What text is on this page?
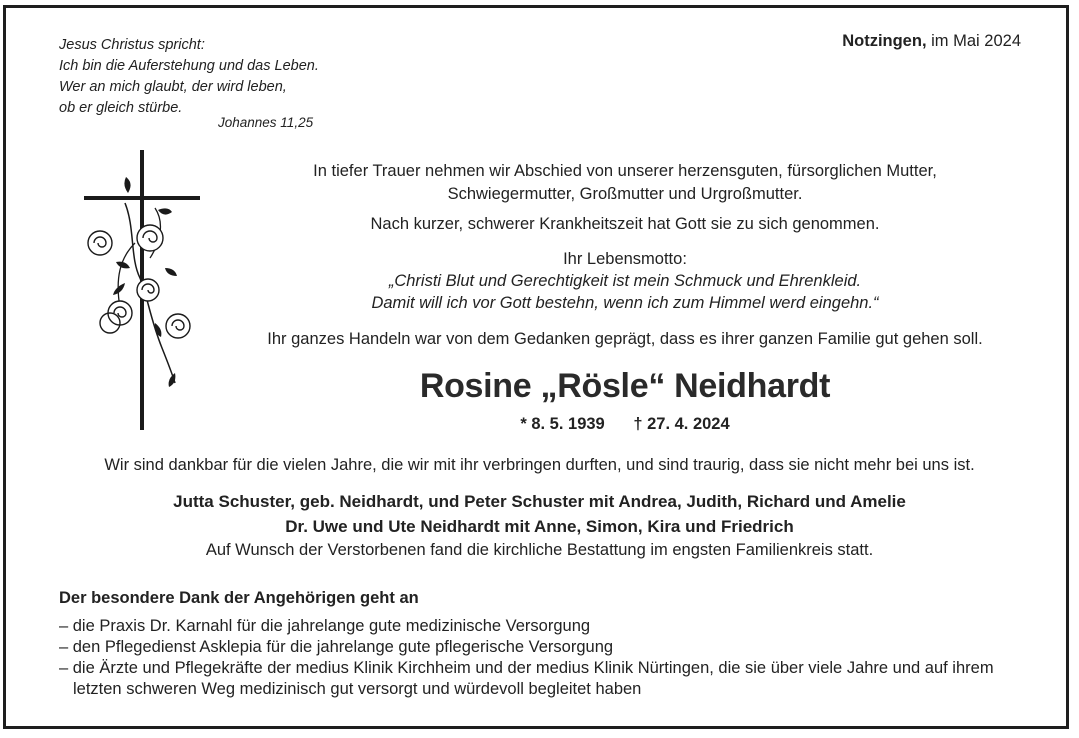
Jesus Christus spricht:
Ich bin die Auferstehung und das Leben.
Wer an mich glaubt, der wird leben,
ob er gleich stürbe.
Johannes 11,25
Notzingen, im Mai 2024
In tiefer Trauer nehmen wir Abschied von unserer herzensguten, fürsorglichen Mutter,
Schwiegermutter, Großmutter und Urgroßmutter.
Nach kurzer, schwerer Krankheitszeit hat Gott sie zu sich genommen.
Ihr Lebensmotto:
„Christi Blut und Gerechtigkeit ist mein Schmuck und Ehrenkleid.
Damit will ich vor Gott bestehn, wenn ich zum Himmel werd eingehn.“
Ihr ganzes Handeln war von dem Gedanken geprägt, dass es ihrer ganzen Familie gut gehen soll.
Rosine „Rösle“ Neidhardt
* 8. 5. 1939 † 27. 4. 2024
Wir sind dankbar für die vielen Jahre, die wir mit ihr verbringen durften, und sind traurig, dass sie nicht mehr bei uns ist.
Jutta Schuster, geb. Neidhardt, und Peter Schuster mit Andrea, Judith, Richard und Amelie
Dr. Uwe und Ute Neidhardt mit Anne, Simon, Kira und Friedrich
Auf Wunsch der Verstorbenen fand die kirchliche Bestattung im engsten Familienkreis statt.
Der besondere Dank der Angehörigen geht an
– die Praxis Dr. Karnahl für die jahrelange gute medizinische Versorgung
– den Pflegedienst Asklepia für die jahrelange gute pflegerische Versorgung
– die Ärzte und Pflegekräfte der medius Klinik Kirchheim und der medius Klinik Nürtingen, die sie über viele Jahre und auf ihrem letzten schweren Weg medizinisch gut versorgt und würdevoll begleitet haben
